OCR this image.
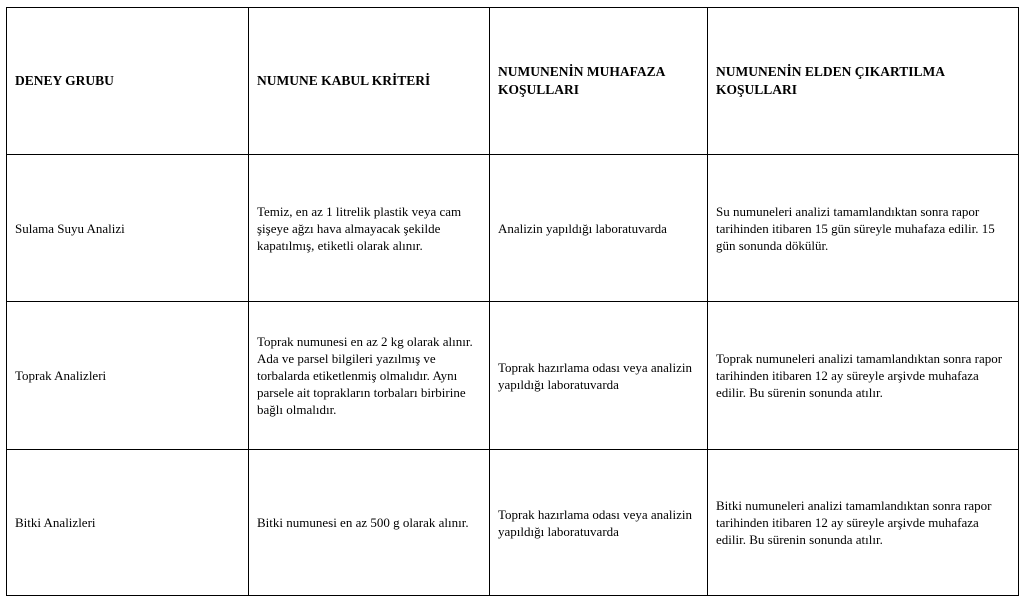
DENEY GRUBU	NUMUNE KABUL KRİTERİ	NUMUNENİN MUHAFAZA KOŞULLARI	NUMUNENİN ELDEN ÇIKARTILMA KOŞULLARI
Sulama Suyu Analizi	Temiz, en az 1 litrelik plastik veya cam şişeye ağzı hava almayacak şekilde kapatılmış, etiketli olarak alınır.	Analizin yapıldığı laboratuvarda	Su numuneleri analizi tamamlandıktan sonra rapor tarihinden itibaren 15 gün süreyle muhafaza edilir. 15 gün sonunda dökülür.
Toprak Analizleri	Toprak numunesi en az 2 kg olarak alınır. Ada ve parsel bilgileri yazılmış ve torbalarda etiketlenmiş olmalıdır. Aynı parsele ait toprakların torbaları birbirine bağlı olmalıdır.	Toprak hazırlama odası veya analizin yapıldığı laboratuvarda	Toprak numuneleri analizi tamamlandıktan sonra rapor tarihinden itibaren 12 ay süreyle arşivde muhafaza edilir. Bu sürenin sonunda atılır.
Bitki Analizleri	Bitki numunesi en az 500 g olarak alınır.	Toprak hazırlama odası veya analizin yapıldığı laboratuvarda	Bitki numuneleri analizi tamamlandıktan sonra rapor tarihinden itibaren 12 ay süreyle arşivde muhafaza edilir. Bu sürenin sonunda atılır.
